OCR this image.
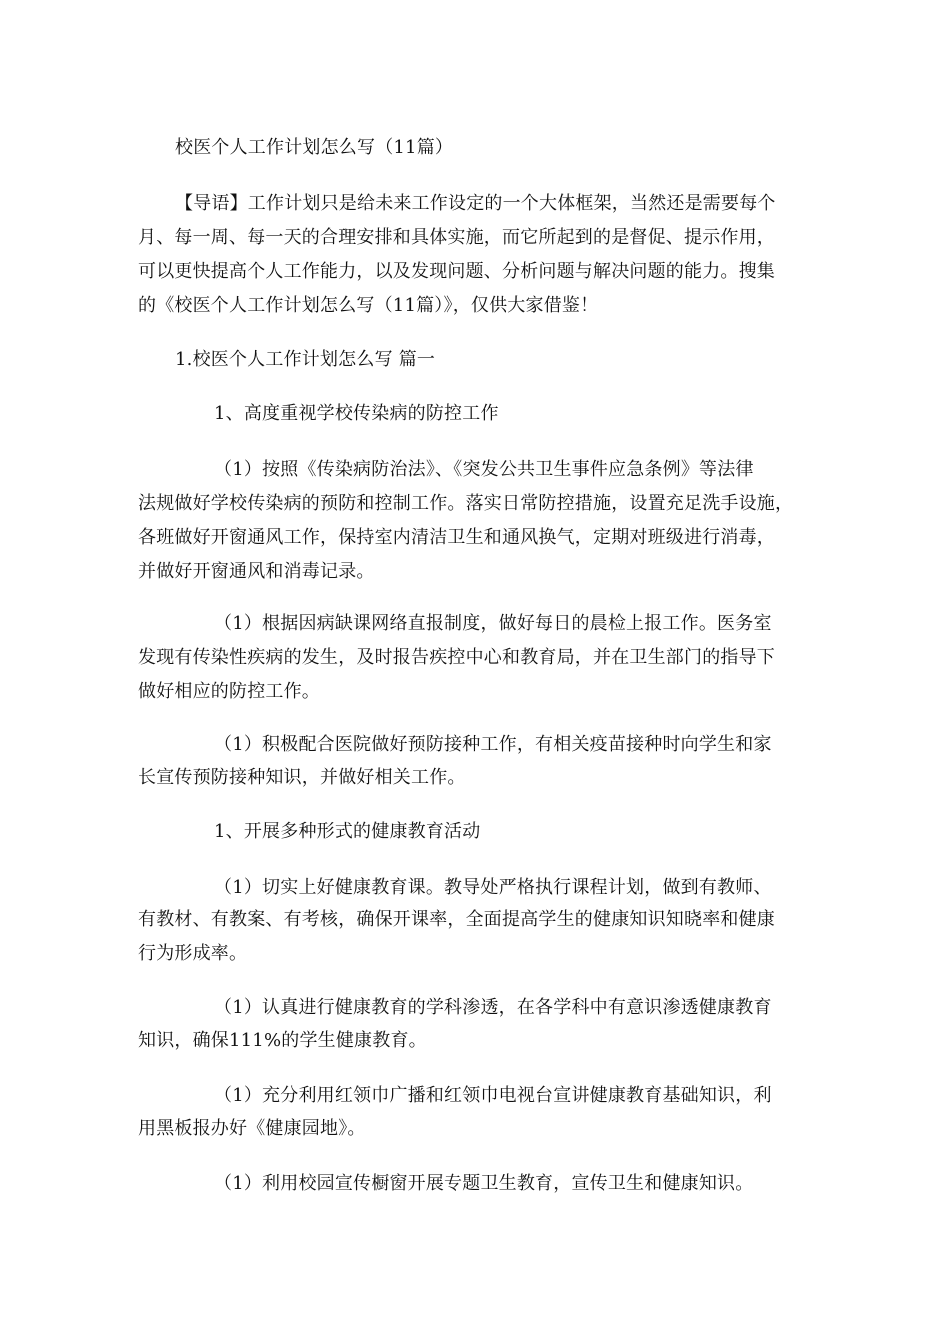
校医个人工作计划怎么写（11篇）
【导语】工作计划只是给未来工作设定的一个大体框架，当然还是需要每个
月、每一周、每一天的合理安排和具体实施，而它所起到的是督促、提示作用，
可以更快提高个人工作能力，以及发现问题、分析问题与解决问题的能力。搜集
的《校医个人工作计划怎么写（11篇）》，仅供大家借鉴！
1.校医个人工作计划怎么写 篇一
1、高度重视学校传染病的防控工作
（1）按照《传染病防治法》、《突发公共卫生事件应急条例》等法律
法规做好学校传染病的预防和控制工作。落实日常防控措施，设置充足洗手设施，
各班做好开窗通风工作，保持室内清洁卫生和通风换气，定期对班级进行消毒，
并做好开窗通风和消毒记录。
（1）根据因病缺课网络直报制度，做好每日的晨检上报工作。医务室
发现有传染性疾病的发生，及时报告疾控中心和教育局，并在卫生部门的指导下
做好相应的防控工作。
（1）积极配合医院做好预防接种工作，有相关疫苗接种时向学生和家
长宣传预防接种知识，并做好相关工作。
1、开展多种形式的健康教育活动
（1）切实上好健康教育课。教导处严格执行课程计划，做到有教师、
有教材、有教案、有考核，确保开课率，全面提高学生的健康知识知晓率和健康
行为形成率。
（1）认真进行健康教育的学科渗透，在各学科中有意识渗透健康教育
知识，确保111%的学生健康教育。
（1）充分利用红领巾广播和红领巾电视台宣讲健康教育基础知识，利
用黑板报办好《健康园地》。
（1）利用校园宣传橱窗开展专题卫生教育，宣传卫生和健康知识。
